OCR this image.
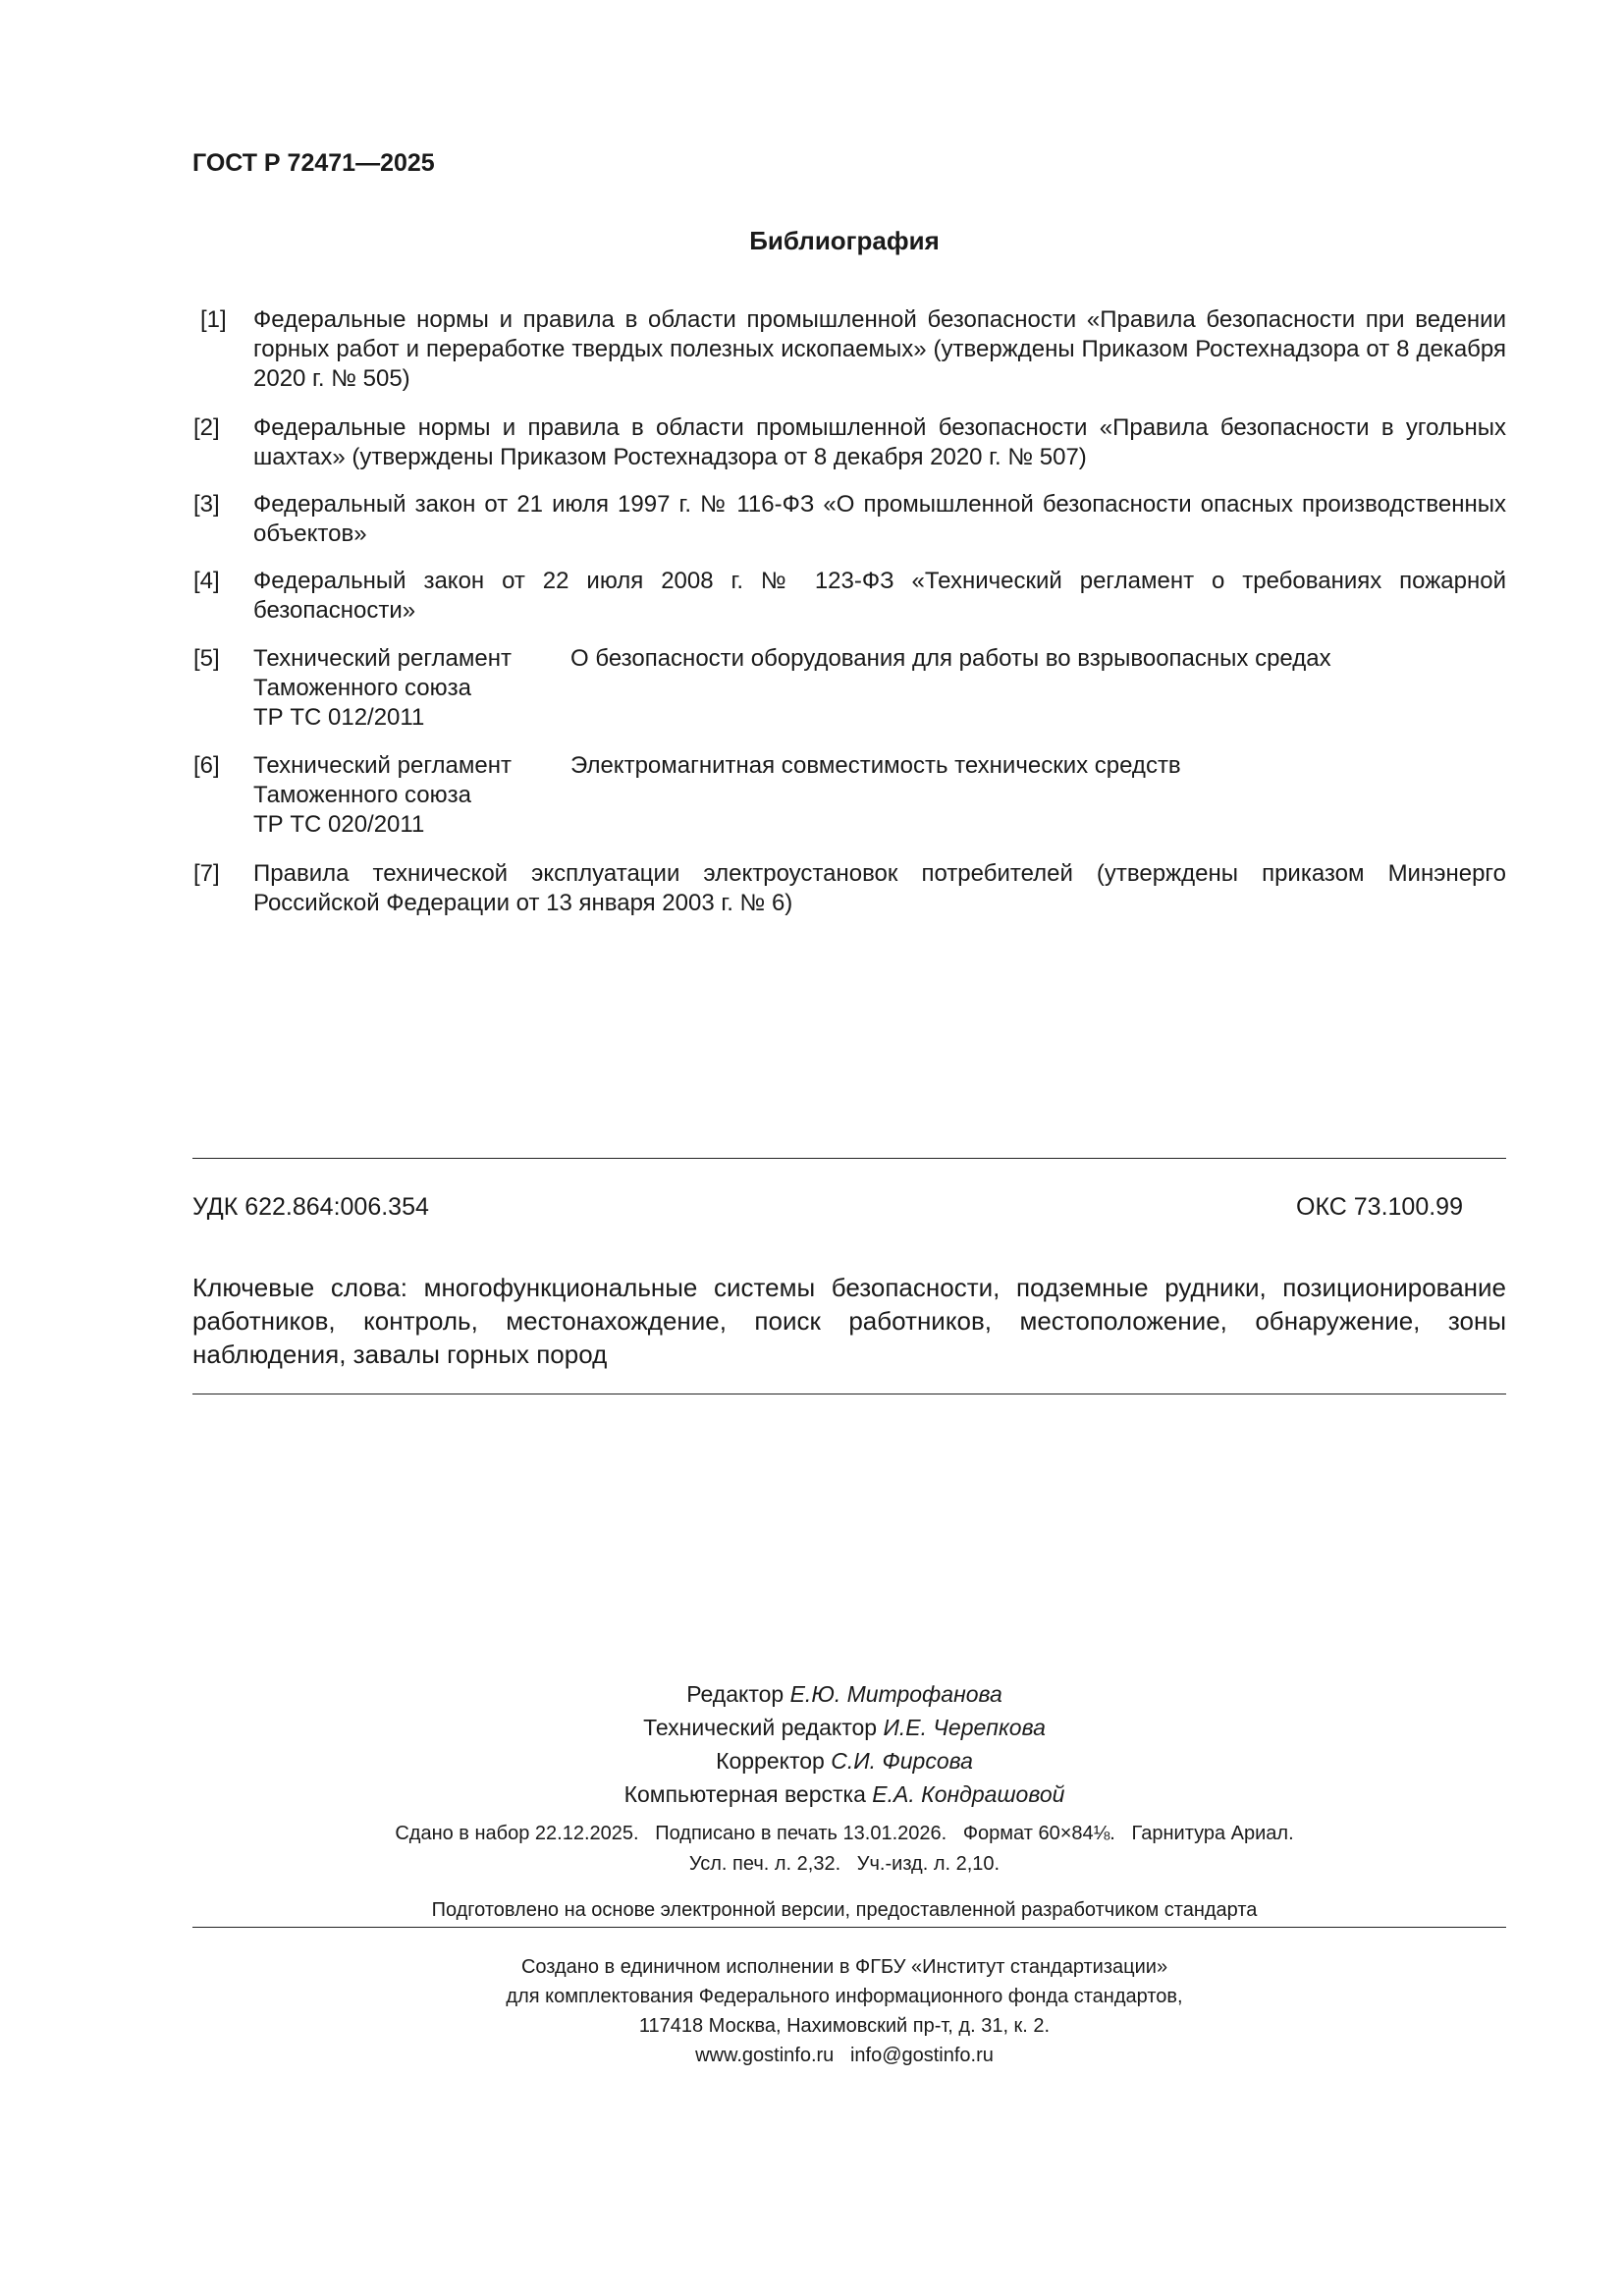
ГОСТ Р 72471—2025
Библиография
[1] Федеральные нормы и правила в области промышленной безопасности «Правила безопасности при ведении горных работ и переработке твердых полезных ископаемых» (утверждены Приказом Ростехнадзора от 8 декабря 2020 г. № 505)
[2] Федеральные нормы и правила в области промышленной безопасности «Правила безопасности в угольных шахтах» (утверждены Приказом Ростехнадзора от 8 декабря 2020 г. № 507)
[3] Федеральный закон от 21 июля 1997 г. № 116-ФЗ «О промышленной безопасности опасных производственных объектов»
[4] Федеральный закон от 22 июля 2008 г. № 123-ФЗ «Технический регламент о требованиях пожарной безопасности»
[5] Технический регламент
Таможенного союза
ТР ТС 012/2011
О безопасности оборудования для работы во взрывоопасных средах
[6] Технический регламент
Таможенного союза
ТР ТС 020/2011
Электромагнитная совместимость технических средств
[7] Правила технической эксплуатации электроустановок потребителей (утверждены приказом Минэнерго Российской Федерации от 13 января 2003 г. № 6)
УДК 622.864:006.354	ОКС 73.100.99
Ключевые слова: многофункциональные системы безопасности, подземные рудники, позиционирование работников, контроль, местонахождение, поиск работников, местоположение, обнаружение, зоны наблюдения, завалы горных пород
Редактор Е.Ю. Митрофанова
Технический редактор И.Е. Черепкова
Корректор С.И. Фирсова
Компьютерная верстка Е.А. Кондрашовой
Сдано в набор 22.12.2025.   Подписано в печать 13.01.2026.   Формат 60×84⅛.   Гарнитура Ариал.
Усл. печ. л. 2,32.   Уч.-изд. л. 2,10.
Подготовлено на основе электронной версии, предоставленной разработчиком стандарта
Создано в единичном исполнении в ФГБУ «Институт стандартизации»
для комплектования Федерального информационного фонда стандартов,
117418 Москва, Нахимовский пр-т, д. 31, к. 2.
www.gostinfo.ru   info@gostinfo.ru
